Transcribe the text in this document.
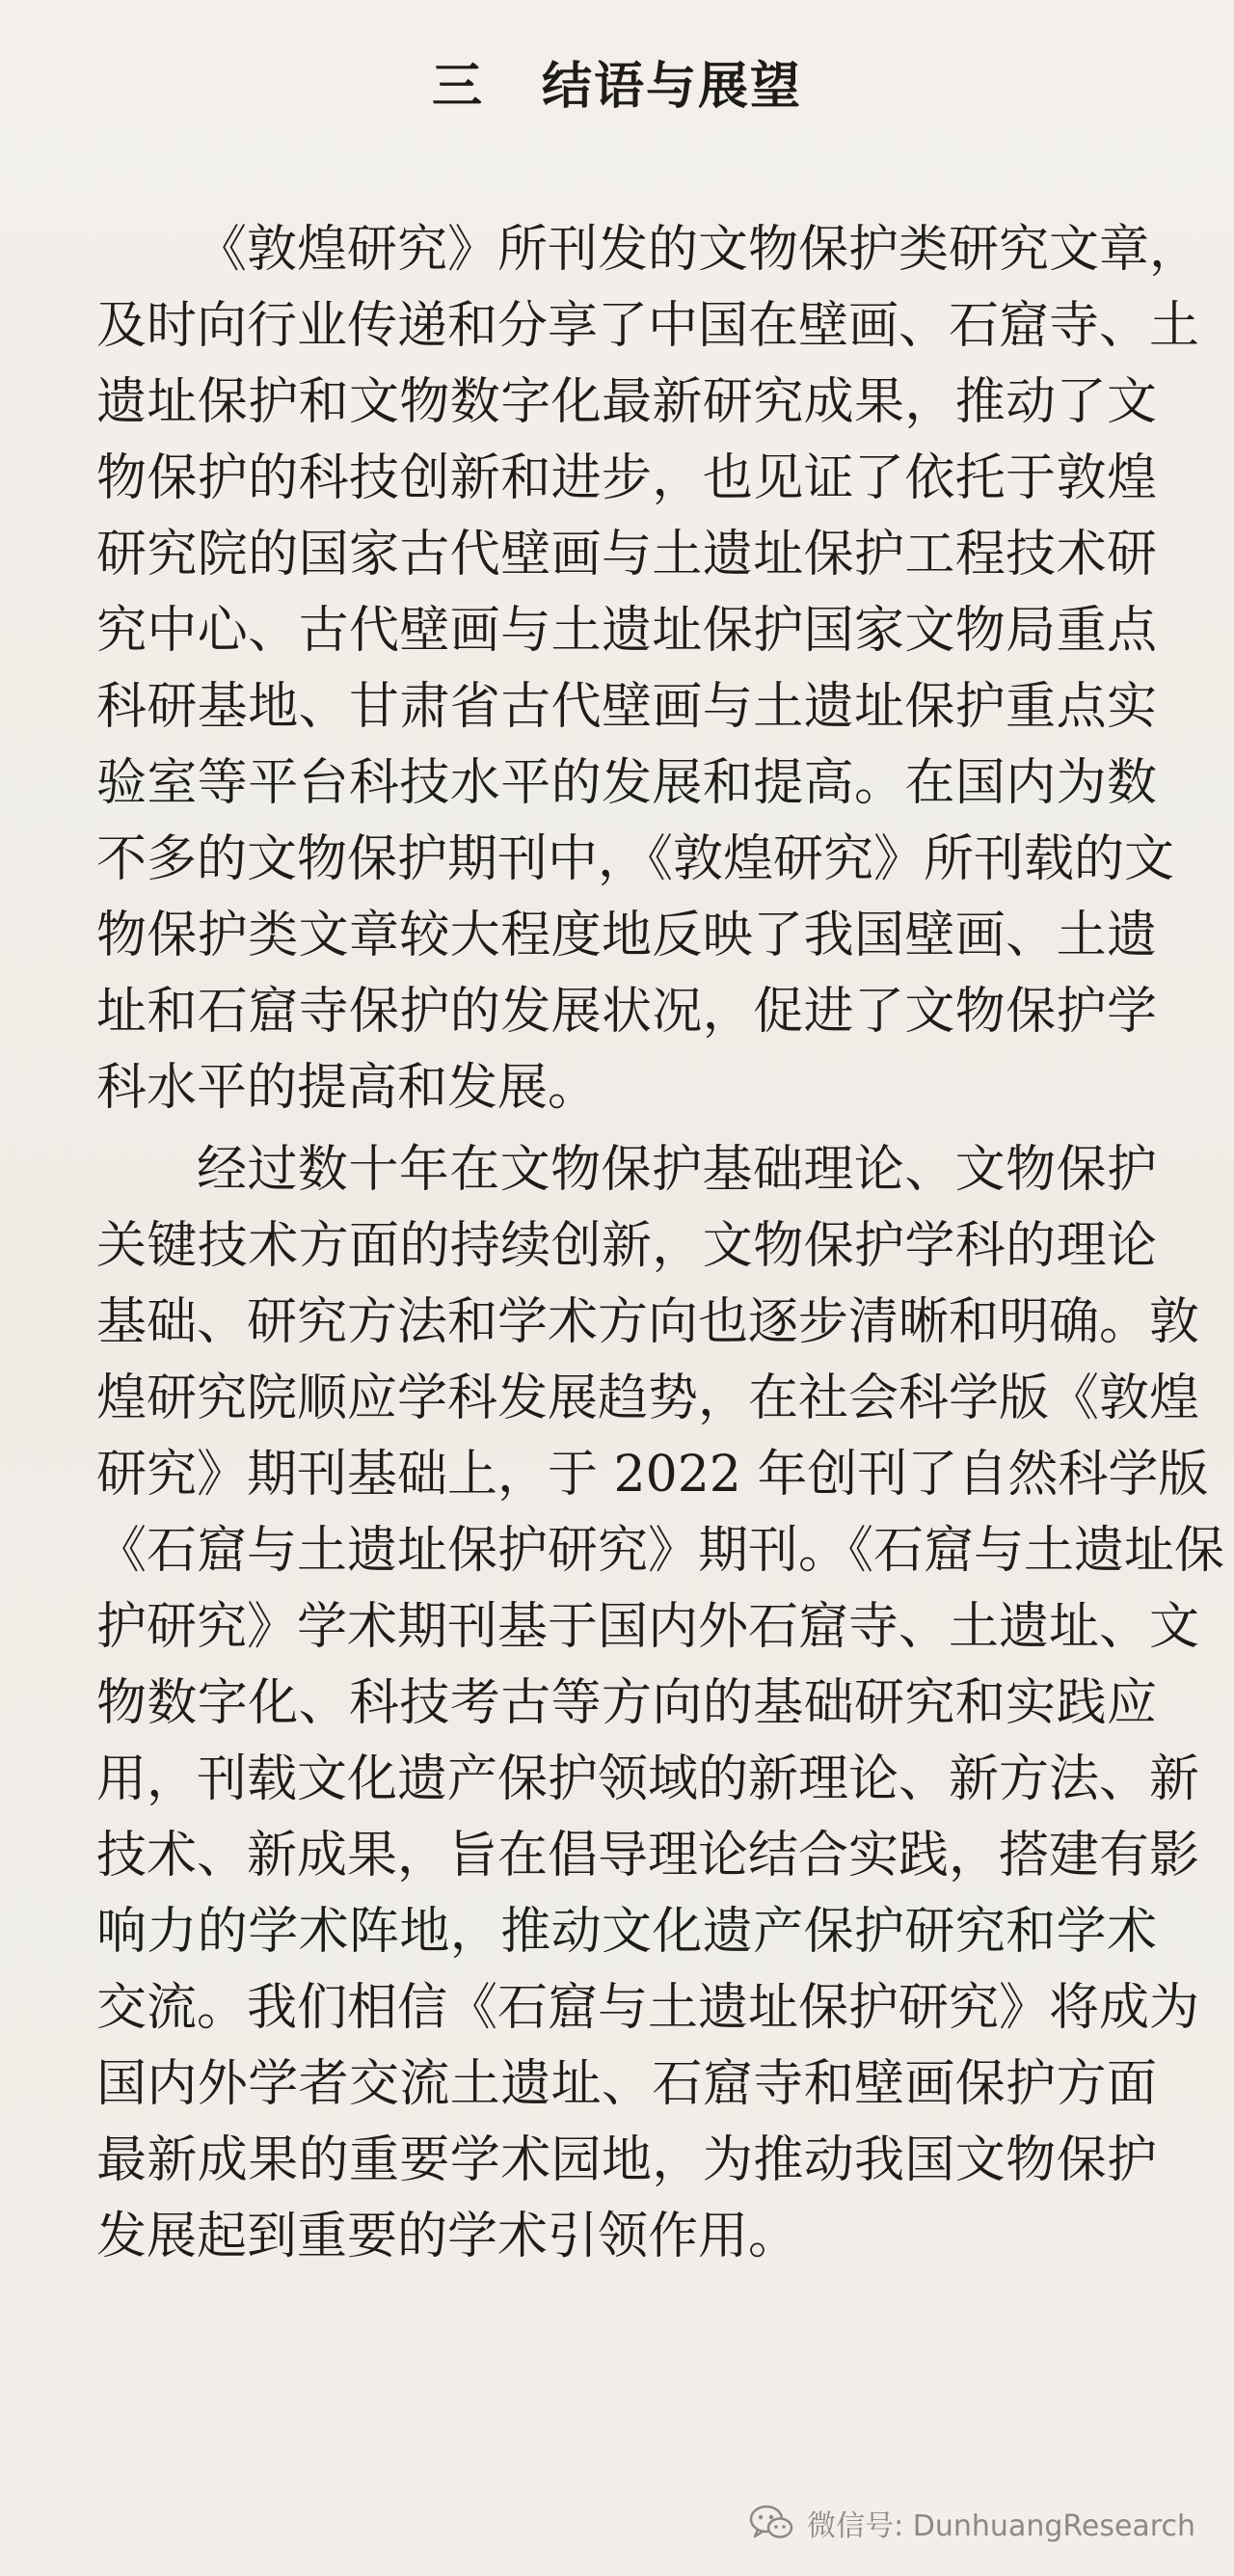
三 结语与展望

《敦煌研究》所刊发的文物保护类研究文章，
及时向行业传递和分享了中国在壁画、石窟寺、土
遗址保护和文物数字化最新研究成果，推动了文
物保护的科技创新和进步，也见证了依托于敦煌
研究院的国家古代壁画与土遗址保护工程技术研
究中心、古代壁画与土遗址保护国家文物局重点
科研基地、甘肃省古代壁画与土遗址保护重点实
验室等平台科技水平的发展和提高。在国内为数
不多的文物保护期刊中，《敦煌研究》所刊载的文
物保护类文章较大程度地反映了我国壁画、土遗
址和石窟寺保护的发展状况，促进了文物保护学
科水平的提高和发展。

经过数十年在文物保护基础理论、文物保护
关键技术方面的持续创新，文物保护学科的理论
基础、研究方法和学术方向也逐步清晰和明确。敦
煌研究院顺应学科发展趋势，在社会科学版《敦煌
研究》期刊基础上，于 2022 年创刊了自然科学版
《石窟与土遗址保护研究》期刊。《石窟与土遗址保
护研究》学术期刊基于国内外石窟寺、土遗址、文
物数字化、科技考古等方向的基础研究和实践应
用，刊载文化遗产保护领域的新理论、新方法、新
技术、新成果，旨在倡导理论结合实践，搭建有影
响力的学术阵地，推动文化遗产保护研究和学术
交流。我们相信《石窟与土遗址保护研究》将成为
国内外学者交流土遗址、石窟寺和壁画保护方面
最新成果的重要学术园地，为推动我国文物保护
发展起到重要的学术引领作用。

微信号: DunhuangResearch
